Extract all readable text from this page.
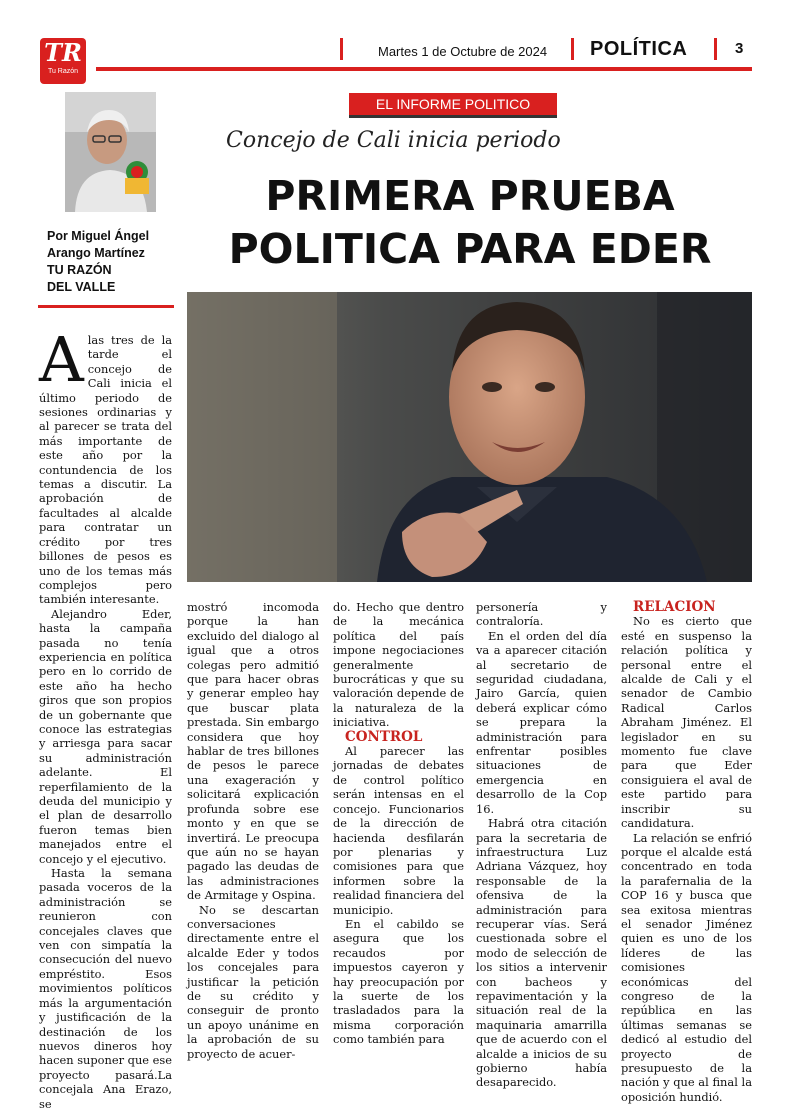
TR
Tu Razón
Martes 1 de Octubre de 2024 POLÍTICA	3
Por Miguel Ángel
Arango Martínez
TU RAZÓN
DEL VALLE
EL INFORME POLITICO
Concejo de Cali inicia periodo
PRIMERA PRUEBA
POLITICA PARA EDER

Alas tres de la tarde el concejo de Cali inicia el último periodo de sesiones ordinarias y al parecer se trata del más importante de este año por la contundencia de los temas a discutir. La aprobación de facultades al alcalde para contratar un crédito por tres billones de pesos es uno de los temas más complejos pero también interesante.

Alejandro Eder, hasta la campaña pasada no tenía experiencia en política pero en lo corrido de este año ha hecho giros que son propios de un gobernante que conoce las estrategias y arriesga para sacar su administración adelante. El reperfilamiento de la deuda del municipio y el plan de desarrollo fueron temas bien manejados entre el concejo y el ejecutivo.

Hasta la semana pasada voceros de la administración se reunieron con concejales claves que ven con simpatía la consecución del nuevo empréstito. Esos movimientos políticos más la argumentación y justificación de la destinación de los nuevos dineros hoy hacen suponer que ese proyecto pasará.La concejala Ana Erazo, se

mostró incomoda porque la han excluido del dialogo al igual que a otros colegas pero admitió que para hacer obras y generar empleo hay que buscar plata prestada. Sin embargo considera que hoy hablar de tres billones de pesos le parece una exageración y solicitará explicación profunda sobre ese monto y en que se invertirá. Le preocupa que aún no se hayan pagado las deudas de las administraciones de Armitage y Ospina.

No se descartan conversaciones directamente entre el alcalde Eder y todos los concejales para justificar la petición de su crédito y conseguir de pronto un apoyo unánime en la aprobación de su proyecto de acuer-

do. Hecho que dentro de la mecánica política del país impone negociaciones generalmente burocráticas y que su valoración depende de la naturaleza de la iniciativa.

CONTROL

Al parecer las jornadas de debates de control político serán intensas en el concejo. Funcionarios de la dirección de hacienda desfilarán por plenarias y comisiones para que informen sobre la realidad financiera del municipio.

En el cabildo se asegura que los recaudos por impuestos cayeron y hay preocupación por la suerte de los trasladados para la misma corporación como también para

personería y contraloría.

En el orden del día va a aparecer citación al secretario de seguridad ciudadana, Jairo García, quien deberá explicar cómo se prepara la administración para enfrentar posibles situaciones de emergencia en desarrollo de la Cop 16.

Habrá otra citación para la secretaria de infraestructura Luz Adriana Vázquez, hoy responsable de la ofensiva de la administración para recuperar vías. Será cuestionada sobre el modo de selección de los sitios a intervenir con bacheos y repavimentación y la situación real de la maquinaria amarrilla que de acuerdo con el alcalde a inicios de su gobierno había desaparecido.

RELACION

No es cierto que esté en suspenso la relación política y personal entre el alcalde de Cali y el senador de Cambio Radical Carlos Abraham Jiménez. El legislador en su momento fue clave para que Eder consiguiera el aval de este partido para inscribir su candidatura.

La relación se enfrió porque el alcalde está concentrado en toda la parafernalia de la COP 16 y busca que sea exitosa mientras el senador Jiménez quien es uno de los líderes de las comisiones económicas del congreso de la república en las últimas semanas se dedicó al estudio del proyecto de presupuesto de la nación y que al final la oposición hundió.
